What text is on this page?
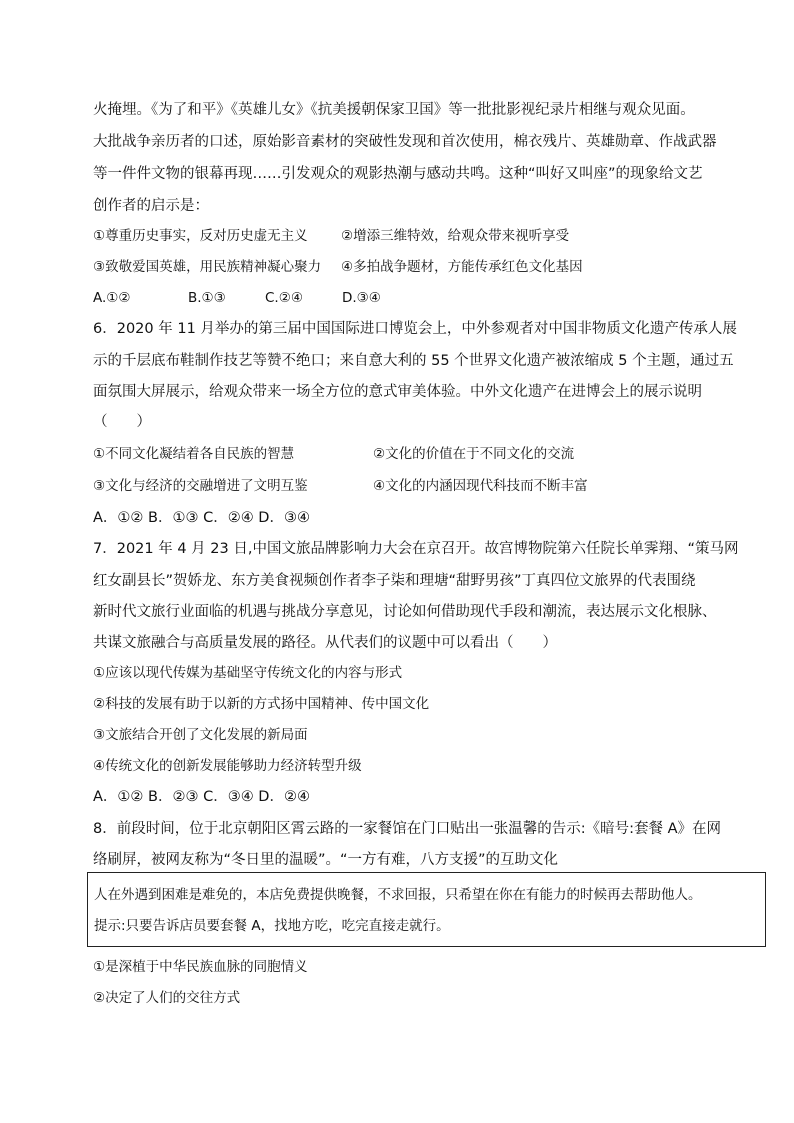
火掩埋。《为了和平》《英雄儿女》《抗美援朝保家卫国》等一批批影视纪录片相继与观众见面。
大批战争亲历者的口述，原始影音素材的突破性发现和首次使用，棉衣残片、英雄勋章、作战武器
等一件件文物的银幕再现……引发观众的观影热潮与感动共鸣。这种“叫好又叫座”的现象给文艺
创作者的启示是：
①尊重历史事实，反对历史虚无主义 ②增添三维特效，给观众带来视听享受
③致敬爱国英雄，用民族精神凝心聚力 ④多拍战争题材，方能传承红色文化基因
A.①②	B.①③	C.②④	D.③④
6．2020 年 11 月举办的第三届中国国际进口博览会上，中外参观者对中国非物质文化遗产传承人展
示的千层底布鞋制作技艺等赞不绝口；来自意大利的 55 个世界文化遗产被浓缩成 5 个主题，通过五
面氛围大屏展示，给观众带来一场全方位的意式审美体验。中外文化遗产在进博会上的展示说明
（　　）
①不同文化凝结着各自民族的智慧	②文化的价值在于不同文化的交流
③文化与经济的交融增进了文明互鉴	④文化的内涵因现代科技而不断丰富
A．①② B．①③ C．②④ D．③④
7．2021 年 4 月 23 日,中国文旅品牌影响力大会在京召开。故宫博物院第六任院长单霁翔、“策马网
红女副县长”贺娇龙、东方美食视频创作者李子柒和理塘“甜野男孩”丁真四位文旅界的代表围绕
新时代文旅行业面临的机遇与挑战分享意见，讨论如何借助现代手段和潮流，表达展示文化根脉、
共谋文旅融合与高质量发展的路径。从代表们的议题中可以看出（　　）
①应该以现代传媒为基础坚守传统文化的内容与形式
②科技的发展有助于以新的方式扬中国精神、传中国文化
③文旅结合开创了文化发展的新局面
④传统文化的创新发展能够助力经济转型升级
A．①② B．②③ C．③④ D．②④
8．前段时间，位于北京朝阳区霄云路的一家餐馆在门口贴出一张温馨的告示:《暗号:套餐 A》在网
络刷屏，被网友称为“冬日里的温暖”。“一方有难，八方支援”的互助文化
人在外遇到困难是难免的，本店免费提供晚餐，不求回报，只希望在你在有能力的时候再去帮助他人。
提示:只要告诉店员要套餐 A，找地方吃，吃完直接走就行。
①是深植于中华民族血脉的同胞情义
②决定了人们的交往方式
